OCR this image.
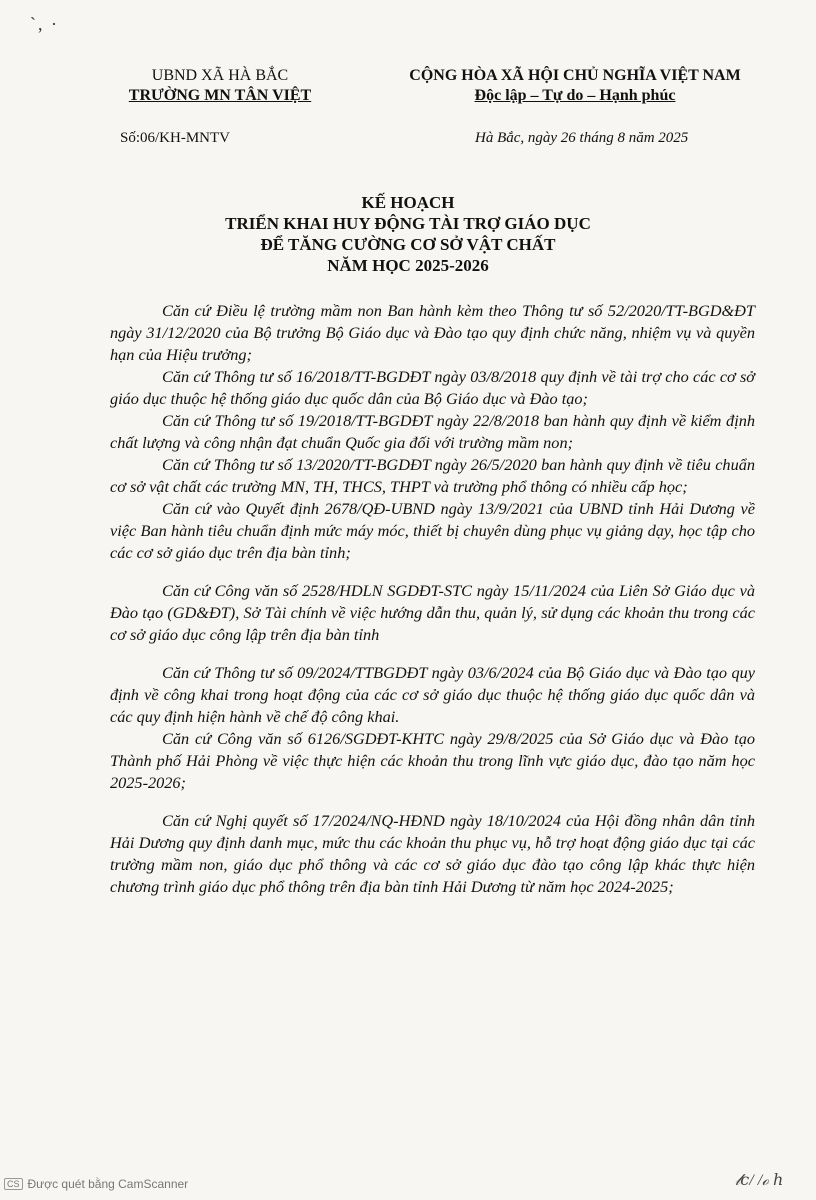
`, ·

UBND XÃ HÀ BẮC

TRƯỜNG MN TÂN VIỆT

CỘNG HÒA XÃ HỘI CHỦ NGHĨA VIỆT NAM

Độc lập – Tự do – Hạnh phúc

Số:06/KH-MNTV	Hà Bắc, ngày 26 tháng 8 năm 2025

KẾ HOẠCH

TRIỂN KHAI HUY ĐỘNG TÀI TRỢ GIÁO DỤC

ĐỂ TĂNG CƯỜNG CƠ SỞ VẬT CHẤT

NĂM HỌC 2025-2026

Căn cứ Điều lệ trường mầm non Ban hành kèm theo Thông tư số 52/2020/TT-BGD&ĐT ngày 31/12/2020 của Bộ trưởng Bộ Giáo dục và Đào tạo quy định chức năng, nhiệm vụ và quyền hạn của Hiệu trưởng;

Căn cứ Thông tư số 16/2018/TT-BGDĐT ngày 03/8/2018 quy định về tài trợ cho các cơ sở giáo dục thuộc hệ thống giáo dục quốc dân của Bộ Giáo dục và Đào tạo;

Căn cứ Thông tư số 19/2018/TT-BGDĐT ngày 22/8/2018 ban hành quy định về kiểm định chất lượng và công nhận đạt chuẩn Quốc gia đối với trường mầm non;

Căn cứ Thông tư số 13/2020/TT-BGDĐT ngày 26/5/2020 ban hành quy định về tiêu chuẩn cơ sở vật chất các trường MN, TH, THCS, THPT và trường phổ thông có nhiều cấp học;

Căn cứ vào Quyết định 2678/QĐ-UBND ngày 13/9/2021 của UBND tỉnh Hải Dương về việc Ban hành tiêu chuẩn định mức máy móc, thiết bị chuyên dùng phục vụ giảng dạy, học tập cho các cơ sở giáo dục trên địa bàn tỉnh;

Căn cứ Công văn số 2528/HDLN SGDĐT-STC ngày 15/11/2024 của Liên Sở Giáo dục và Đào tạo (GD&ĐT), Sở Tài chính về việc hướng dẫn thu, quản lý, sử dụng các khoản thu trong các cơ sở giáo dục công lập trên địa bàn tỉnh

Căn cứ Thông tư số 09/2024/TTBGDĐT ngày 03/6/2024 của Bộ Giáo dục và Đào tạo quy định về công khai trong hoạt động của các cơ sở giáo dục thuộc hệ thống giáo dục quốc dân và các quy định hiện hành về chế độ công khai.

Căn cứ Công văn số 6126/SGDĐT-KHTC ngày 29/8/2025 của Sở Giáo dục và Đào tạo Thành phố Hải Phòng về việc thực hiện các khoản thu trong lĩnh vực giáo dục, đào tạo năm học 2025-2026;

Căn cứ Nghị quyết số 17/2024/NQ-HĐND ngày 18/10/2024 của Hội đồng nhân dân tỉnh Hải Dương quy định danh mục, mức thu các khoản thu phục vụ, hỗ trợ hoạt động giáo dục tại các trường mầm non, giáo dục phổ thông và các cơ sở giáo dục đào tạo công lập khác thực hiện chương trình giáo dục phổ thông trên địa bàn tỉnh Hải Dương từ năm học 2024-2025;

CS Được quét bằng CamScanner	𝓁ⅽ/ /ℴ ℎ
